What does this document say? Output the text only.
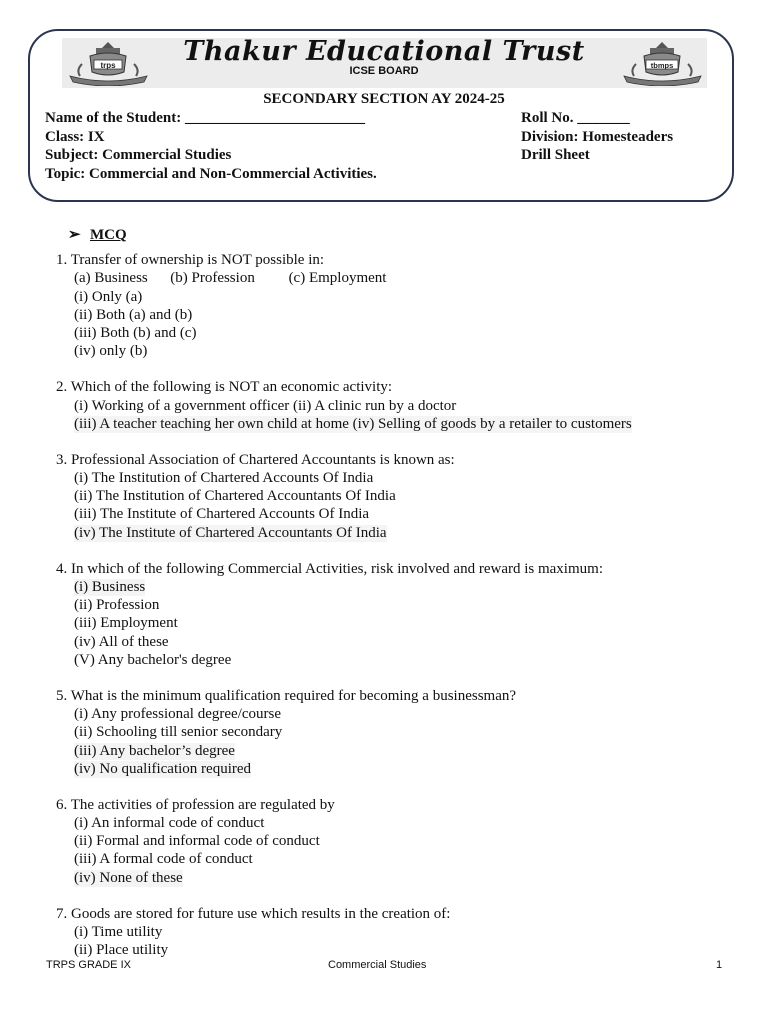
trps	tbmps
Thakur Educational Trust
ICSE BOARD
SECONDARY SECTION AY 2024-25
Name of the Student: ________________________	Roll No. _______
Class: IX	Division: Homesteaders
Subject: Commercial Studies	Drill Sheet
Topic: Commercial and Non-Commercial Activities.
➢ MCQ
1. Transfer of ownership is NOT possible in:
(a) Business      (b) Profession         (c) Employment
(i) Only (a)
(ii) Both (a) and (b)
(iii) Both (b) and (c)
(iv) only (b)
2. Which of the following is NOT an economic activity:
(i) Working of a government officer (ii) A clinic run by a doctor
(iii) A teacher teaching her own child at home (iv) Selling of goods by a retailer to customers
3. Professional Association of Chartered Accountants is known as:
(i) The Institution of Chartered Accounts Of India
(ii) The Institution of Chartered Accountants Of India
(iii) The Institute of Chartered Accounts Of India
(iv) The Institute of Chartered Accountants Of India
4. In which of the following Commercial Activities, risk involved and reward is maximum:
(i) Business
(ii) Profession
(iii) Employment
(iv) All of these
(V) Any bachelor's degree
5. What is the minimum qualification required for becoming a businessman?
(i) Any professional degree/course
(ii) Schooling till senior secondary
(iii) Any bachelor’s degree
(iv) No qualification required
6. The activities of profession are regulated by
(i) An informal code of conduct
(ii) Formal and informal code of conduct
(iii) A formal code of conduct
(iv) None of these
7. Goods are stored for future use which results in the creation of:
(i) Time utility
(ii) Place utility
TRPS GRADE IX	Commercial Studies	1
